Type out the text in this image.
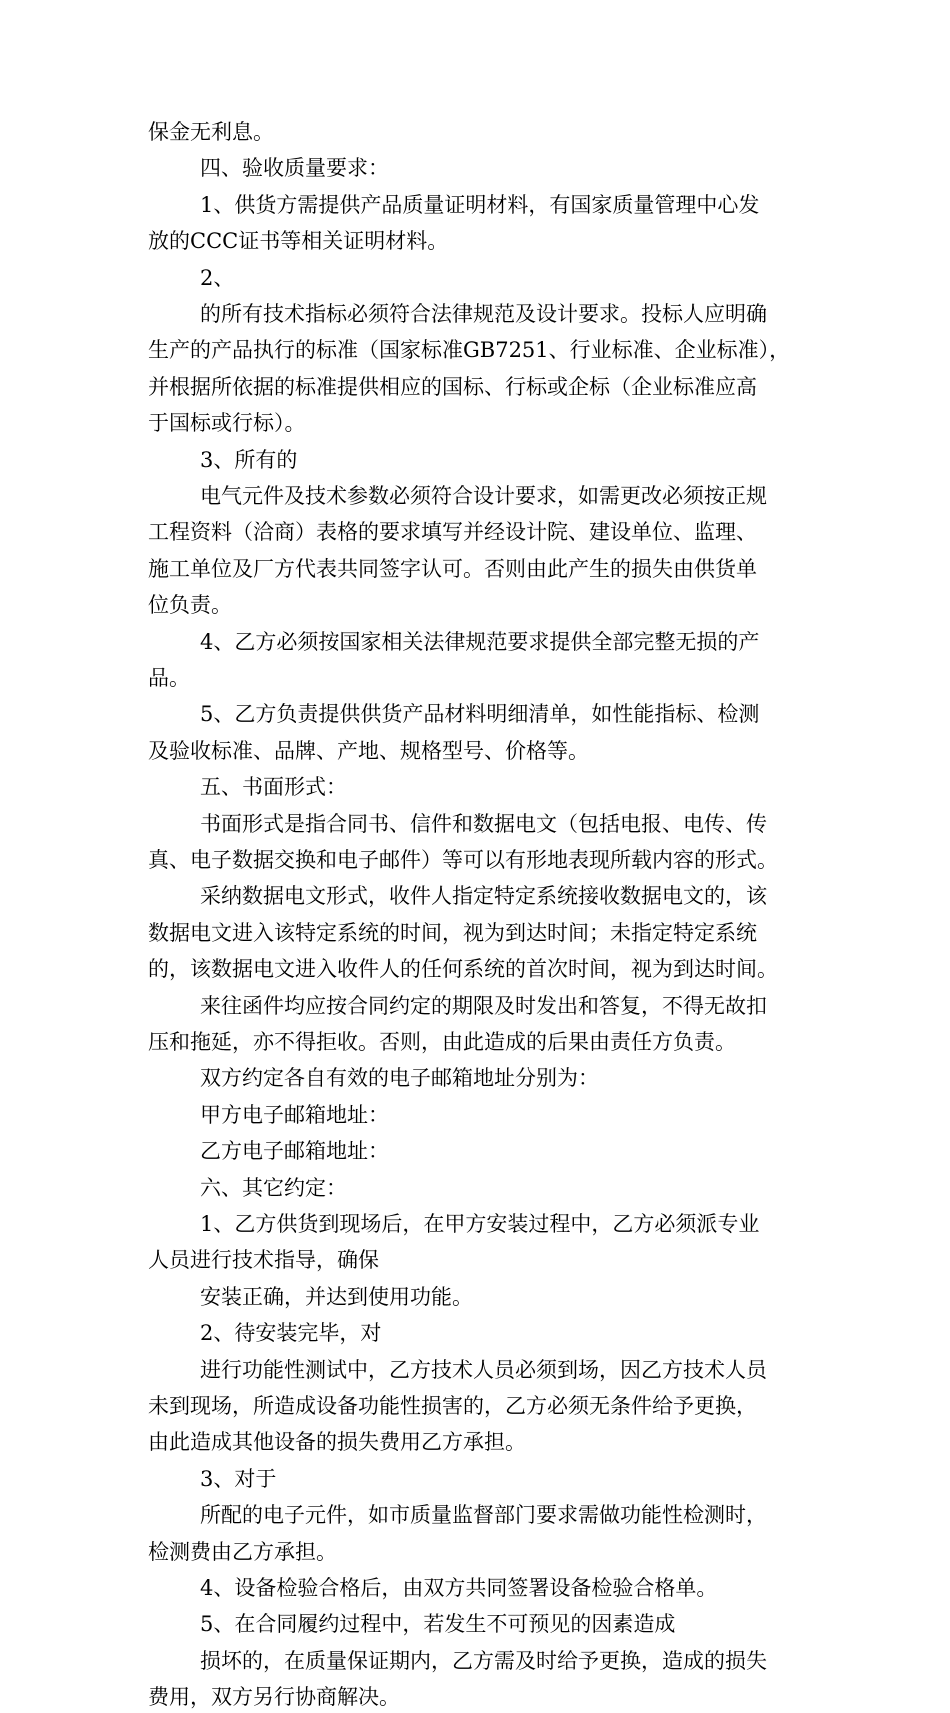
保金无利息。
四、验收质量要求：
1、供货方需提供产品质量证明材料，有国家质量管理中心发
放的CCC证书等相关证明材料。
2、
的所有技术指标必须符合法律规范及设计要求。投标人应明确
生产的产品执行的标准（国家标准GB7251、行业标准、企业标准），
并根据所依据的标准提供相应的国标、行标或企标（企业标准应高
于国标或行标）。
3、所有的
电气元件及技术参数必须符合设计要求，如需更改必须按正规
工程资料（洽商）表格的要求填写并经设计院、建设单位、监理、
施工单位及厂方代表共同签字认可。否则由此产生的损失由供货单
位负责。
4、乙方必须按国家相关法律规范要求提供全部完整无损的产
品。
5、乙方负责提供供货产品材料明细清单，如性能指标、检测
及验收标准、品牌、产地、规格型号、价格等。
五、书面形式：
书面形式是指合同书、信件和数据电文（包括电报、电传、传
真、电子数据交换和电子邮件）等可以有形地表现所载内容的形式。
采纳数据电文形式，收件人指定特定系统接收数据电文的，该
数据电文进入该特定系统的时间，视为到达时间；未指定特定系统
的，该数据电文进入收件人的任何系统的首次时间，视为到达时间。
来往函件均应按合同约定的期限及时发出和答复，不得无故扣
压和拖延，亦不得拒收。否则，由此造成的后果由责任方负责。
双方约定各自有效的电子邮箱地址分别为：
甲方电子邮箱地址：
乙方电子邮箱地址：
六、其它约定：
1、乙方供货到现场后，在甲方安装过程中，乙方必须派专业
人员进行技术指导，确保
安装正确，并达到使用功能。
2、待安装完毕，对
进行功能性测试中，乙方技术人员必须到场，因乙方技术人员
未到现场，所造成设备功能性损害的，乙方必须无条件给予更换，
由此造成其他设备的损失费用乙方承担。
3、对于
所配的电子元件，如市质量监督部门要求需做功能性检测时，
检测费由乙方承担。
4、设备检验合格后，由双方共同签署设备检验合格单。
5、在合同履约过程中，若发生不可预见的因素造成
损坏的，在质量保证期内，乙方需及时给予更换，造成的损失
费用，双方另行协商解决。
